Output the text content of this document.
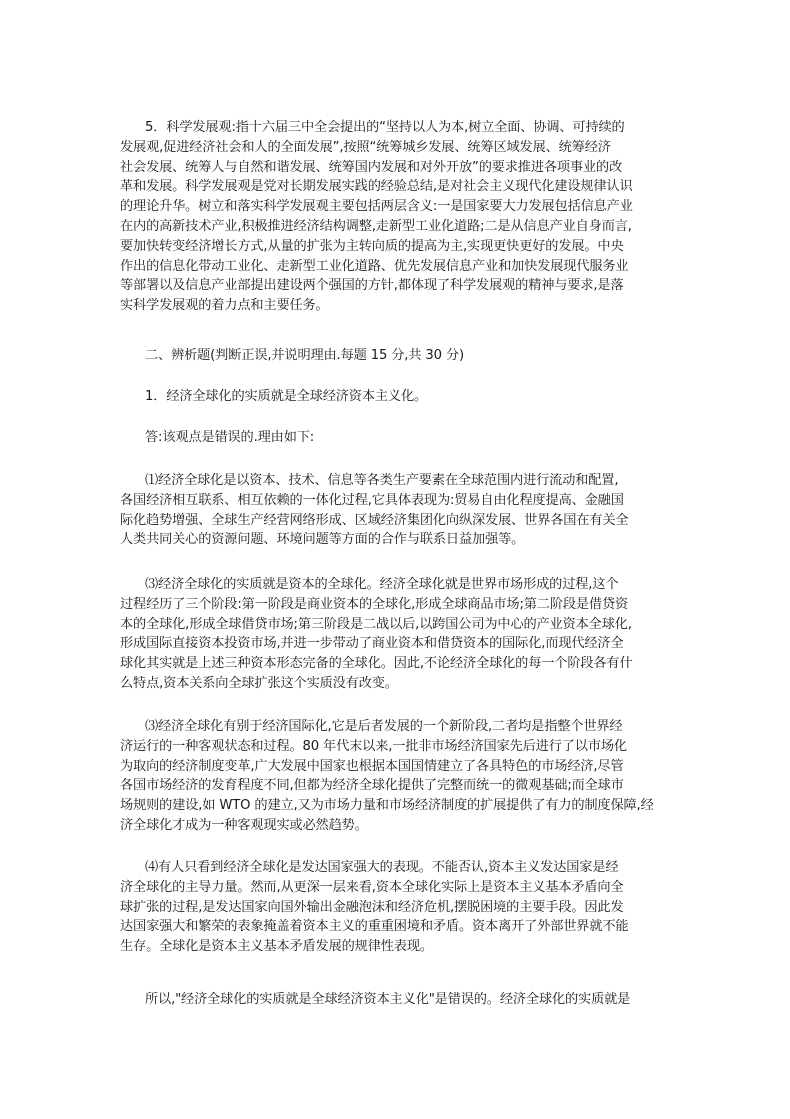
5．科学发展观:指十六届三中全会提出的“坚持以人为本,树立全面、协调、可持续的
发展观,促进经济社会和人的全面发展”,按照“统筹城乡发展、统筹区域发展、统筹经济
社会发展、统筹人与自然和谐发展、统筹国内发展和对外开放”的要求推进各项事业的改
革和发展。科学发展观是党对长期发展实践的经验总结,是对社会主义现代化建设规律认识
的理论升华。树立和落实科学发展观主要包括两层含义:一是国家要大力发展包括信息产业
在内的高新技术产业,积极推进经济结构调整,走新型工业化道路;二是从信息产业自身而言,
要加快转变经济增长方式,从量的扩张为主转向质的提高为主,实现更快更好的发展。中央
作出的信息化带动工业化、走新型工业化道路、优先发展信息产业和加快发展现代服务业
等部署以及信息产业部提出建设两个强国的方针,都体现了科学发展观的精神与要求,是落
实科学发展观的着力点和主要任务。
二、辨析题(判断正误,并说明理由.每题 15 分,共 30 分)
1．经济全球化的实质就是全球经济资本主义化。
答:该观点是错误的.理由如下:
⑴经济全球化是以资本、技术、信息等各类生产要素在全球范围内进行流动和配置,
各国经济相互联系、相互依赖的一体化过程,它具体表现为:贸易自由化程度提高、金融国
际化趋势增强、全球生产经营网络形成、区域经济集团化向纵深发展、世界各国在有关全
人类共同关心的资源问题、环境问题等方面的合作与联系日益加强等。
⑶经济全球化的实质就是资本的全球化。经济全球化就是世界市场形成的过程,这个
过程经历了三个阶段:第一阶段是商业资本的全球化,形成全球商品市场;第二阶段是借贷资
本的全球化,形成全球借贷市场;第三阶段是二战以后,以跨国公司为中心的产业资本全球化,
形成国际直接资本投资市场,并进一步带动了商业资本和借贷资本的国际化,而现代经济全
球化其实就是上述三种资本形态完备的全球化。因此,不论经济全球化的每一个阶段各有什
么特点,资本关系向全球扩张这个实质没有改变。
⑶经济全球化有别于经济国际化,它是后者发展的一个新阶段,二者均是指整个世界经
济运行的一种客观状态和过程。80 年代末以来,一批非市场经济国家先后进行了以市场化
为取向的经济制度变革,广大发展中国家也根据本国国情建立了各具特色的市场经济,尽管
各国市场经济的发育程度不同,但都为经济全球化提供了完整而统一的微观基础;而全球市
场规则的建设,如 WTO 的建立,又为市场力量和市场经济制度的扩展提供了有力的制度保障,经
济全球化才成为一种客观现实或必然趋势。
⑷有人只看到经济全球化是发达国家强大的表现。不能否认,资本主义发达国家是经
济全球化的主导力量。然而,从更深一层来看,资本全球化实际上是资本主义基本矛盾向全
球扩张的过程,是发达国家向国外输出金融泡沫和经济危机,摆脱困境的主要手段。因此发
达国家强大和繁荣的表象掩盖着资本主义的重重困境和矛盾。资本离开了外部世界就不能
生存。全球化是资本主义基本矛盾发展的规律性表现。
所以,"经济全球化的实质就是全球经济资本主义化"是错误的。经济全球化的实质就是
